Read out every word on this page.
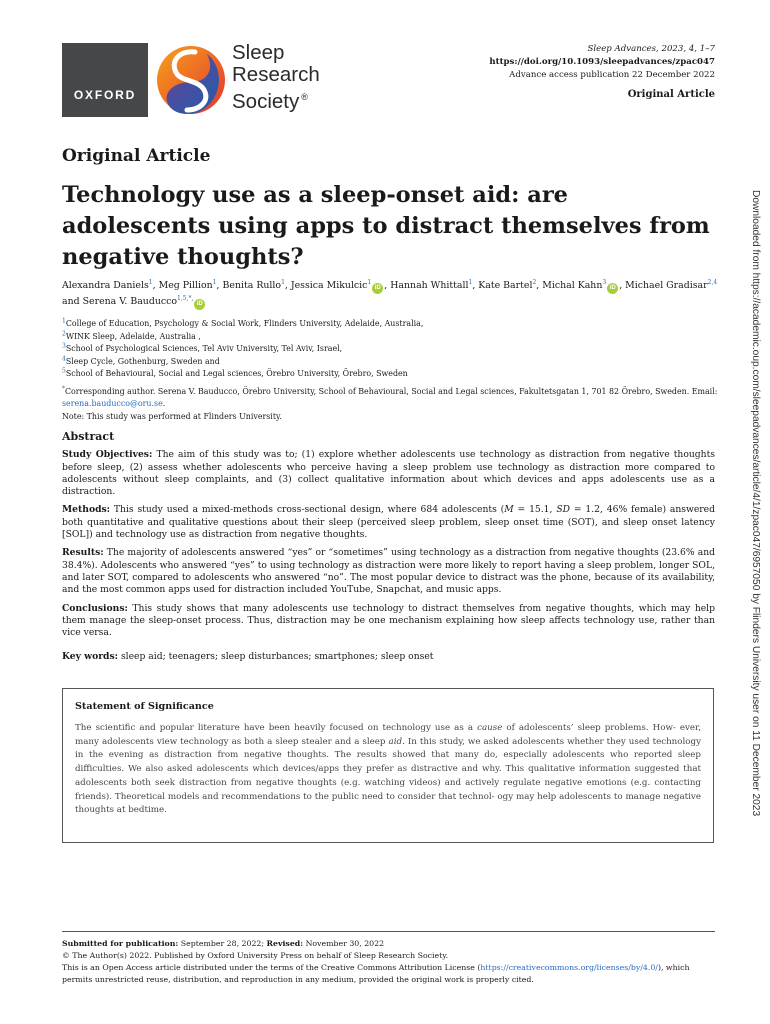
OXFORD
Sleep
Research
Society ®
Sleep Advances, 2023, 4, 1–7
https://doi.org/10.1093/sleepadvances/zpac047
Advance access publication 22 December 2022
Original Article
Original Article
Technology use as a sleep-onset aid: are adolescents using apps to distract themselves from negative thoughts?
Alexandra Daniels$^1$, Meg Pillion$^1$, Benita Rullo$^1$, Jessica Mikulcic$^1$iD , Hannah Whittall$^1$, Kate Bartel$^2$, Michal Kahn$^3$iD , Michael Gradisar$^{2,4}$
and Serena V. Bauducco$^{1,5,*,}$iD
$^1$College of Education, Psychology & Social Work, Flinders University, Adelaide, Australia,
$^2$WINK Sleep, Adelaide, Australia ,
$^3$School of Psychological Sciences, Tel Aviv University, Tel Aviv, Israel,
$^4$Sleep Cycle, Gothenburg, Sweden and
$^5$School of Behavioural, Social and Legal sciences, Örebro University, Örebro, Sweden
*Corresponding author. Serena V. Bauducco, Örebro University, School of Behavioural, Social and Legal sciences, Fakultetsgatan 1, 701 82 Örebro, Sweden. Email: serena.bauducco@oru.se.
Note: This study was performed at Flinders University.
Abstract

Study Objectives: The aim of this study was to; (1) explore whether adolescents use technology as distraction from negative thoughts before sleep, (2) assess whether adolescents who perceive having a sleep problem use technology as distraction more compared to adolescents without sleep complaints, and (3) collect qualitative information about which devices and apps adolescents use as a distraction.

Methods: This study used a mixed-methods cross-sectional design, where 684 adolescents (M = 15.1, SD = 1.2, 46% female) answered both quantitative and qualitative questions about their sleep (perceived sleep problem, sleep onset time (SOT), and sleep onset latency [SOL]) and technology use as distraction from negative thoughts.

Results: The majority of adolescents answered “yes” or “sometimes” using technology as a distraction from negative thoughts (23.6% and 38.4%). Adolescents who answered “yes” to using technology as distraction were more likely to report having a sleep problem, longer SOL, and later SOT, compared to adolescents who answered “no”. The most popular device to distract was the phone, because of its availability, and the most common apps used for distraction included YouTube, Snapchat, and music apps.

Conclusions: This study shows that many adolescents use technology to distract themselves from negative thoughts, which may help them manage the sleep-onset process. Thus, distraction may be one mechanism explaining how sleep affects technology use, rather than vice versa.

Key words: sleep aid; teenagers; sleep disturbances; smartphones; sleep onset

Statement of Significance
The scientific and popular literature have been heavily focused on technology use as a cause of adolescents’ sleep problems. How- ever, many adolescents view technology as both a sleep stealer and a sleep aid. In this study, we asked adolescents whether they used technology in the evening as distraction from negative thoughts. The results showed that many do, especially adolescents who reported sleep difficulties. We also asked adolescents which devices/apps they prefer as distractive and why. This qualitative information suggested that adolescents both seek distraction from negative thoughts (e.g. watching videos) and actively regulate negative emotions (e.g. contacting friends). Theoretical models and recommendations to the public need to consider that technol- ogy may help adolescents to manage negative thoughts at bedtime.
Submitted for publication: September 28, 2022; Revised: November 30, 2022
© The Author(s) 2022. Published by Oxford University Press on behalf of Sleep Research Society.
This is an Open Access article distributed under the terms of the Creative Commons Attribution License (https://creativecommons.org/licenses/by/4.0/), which permits unrestricted reuse, distribution, and reproduction in any medium, provided the original work is properly cited.
Downloaded from https://academic.oup.com/sleepadvances/article/4/1/zpac047/6957050 by Flinders University user on 11 December 2023
